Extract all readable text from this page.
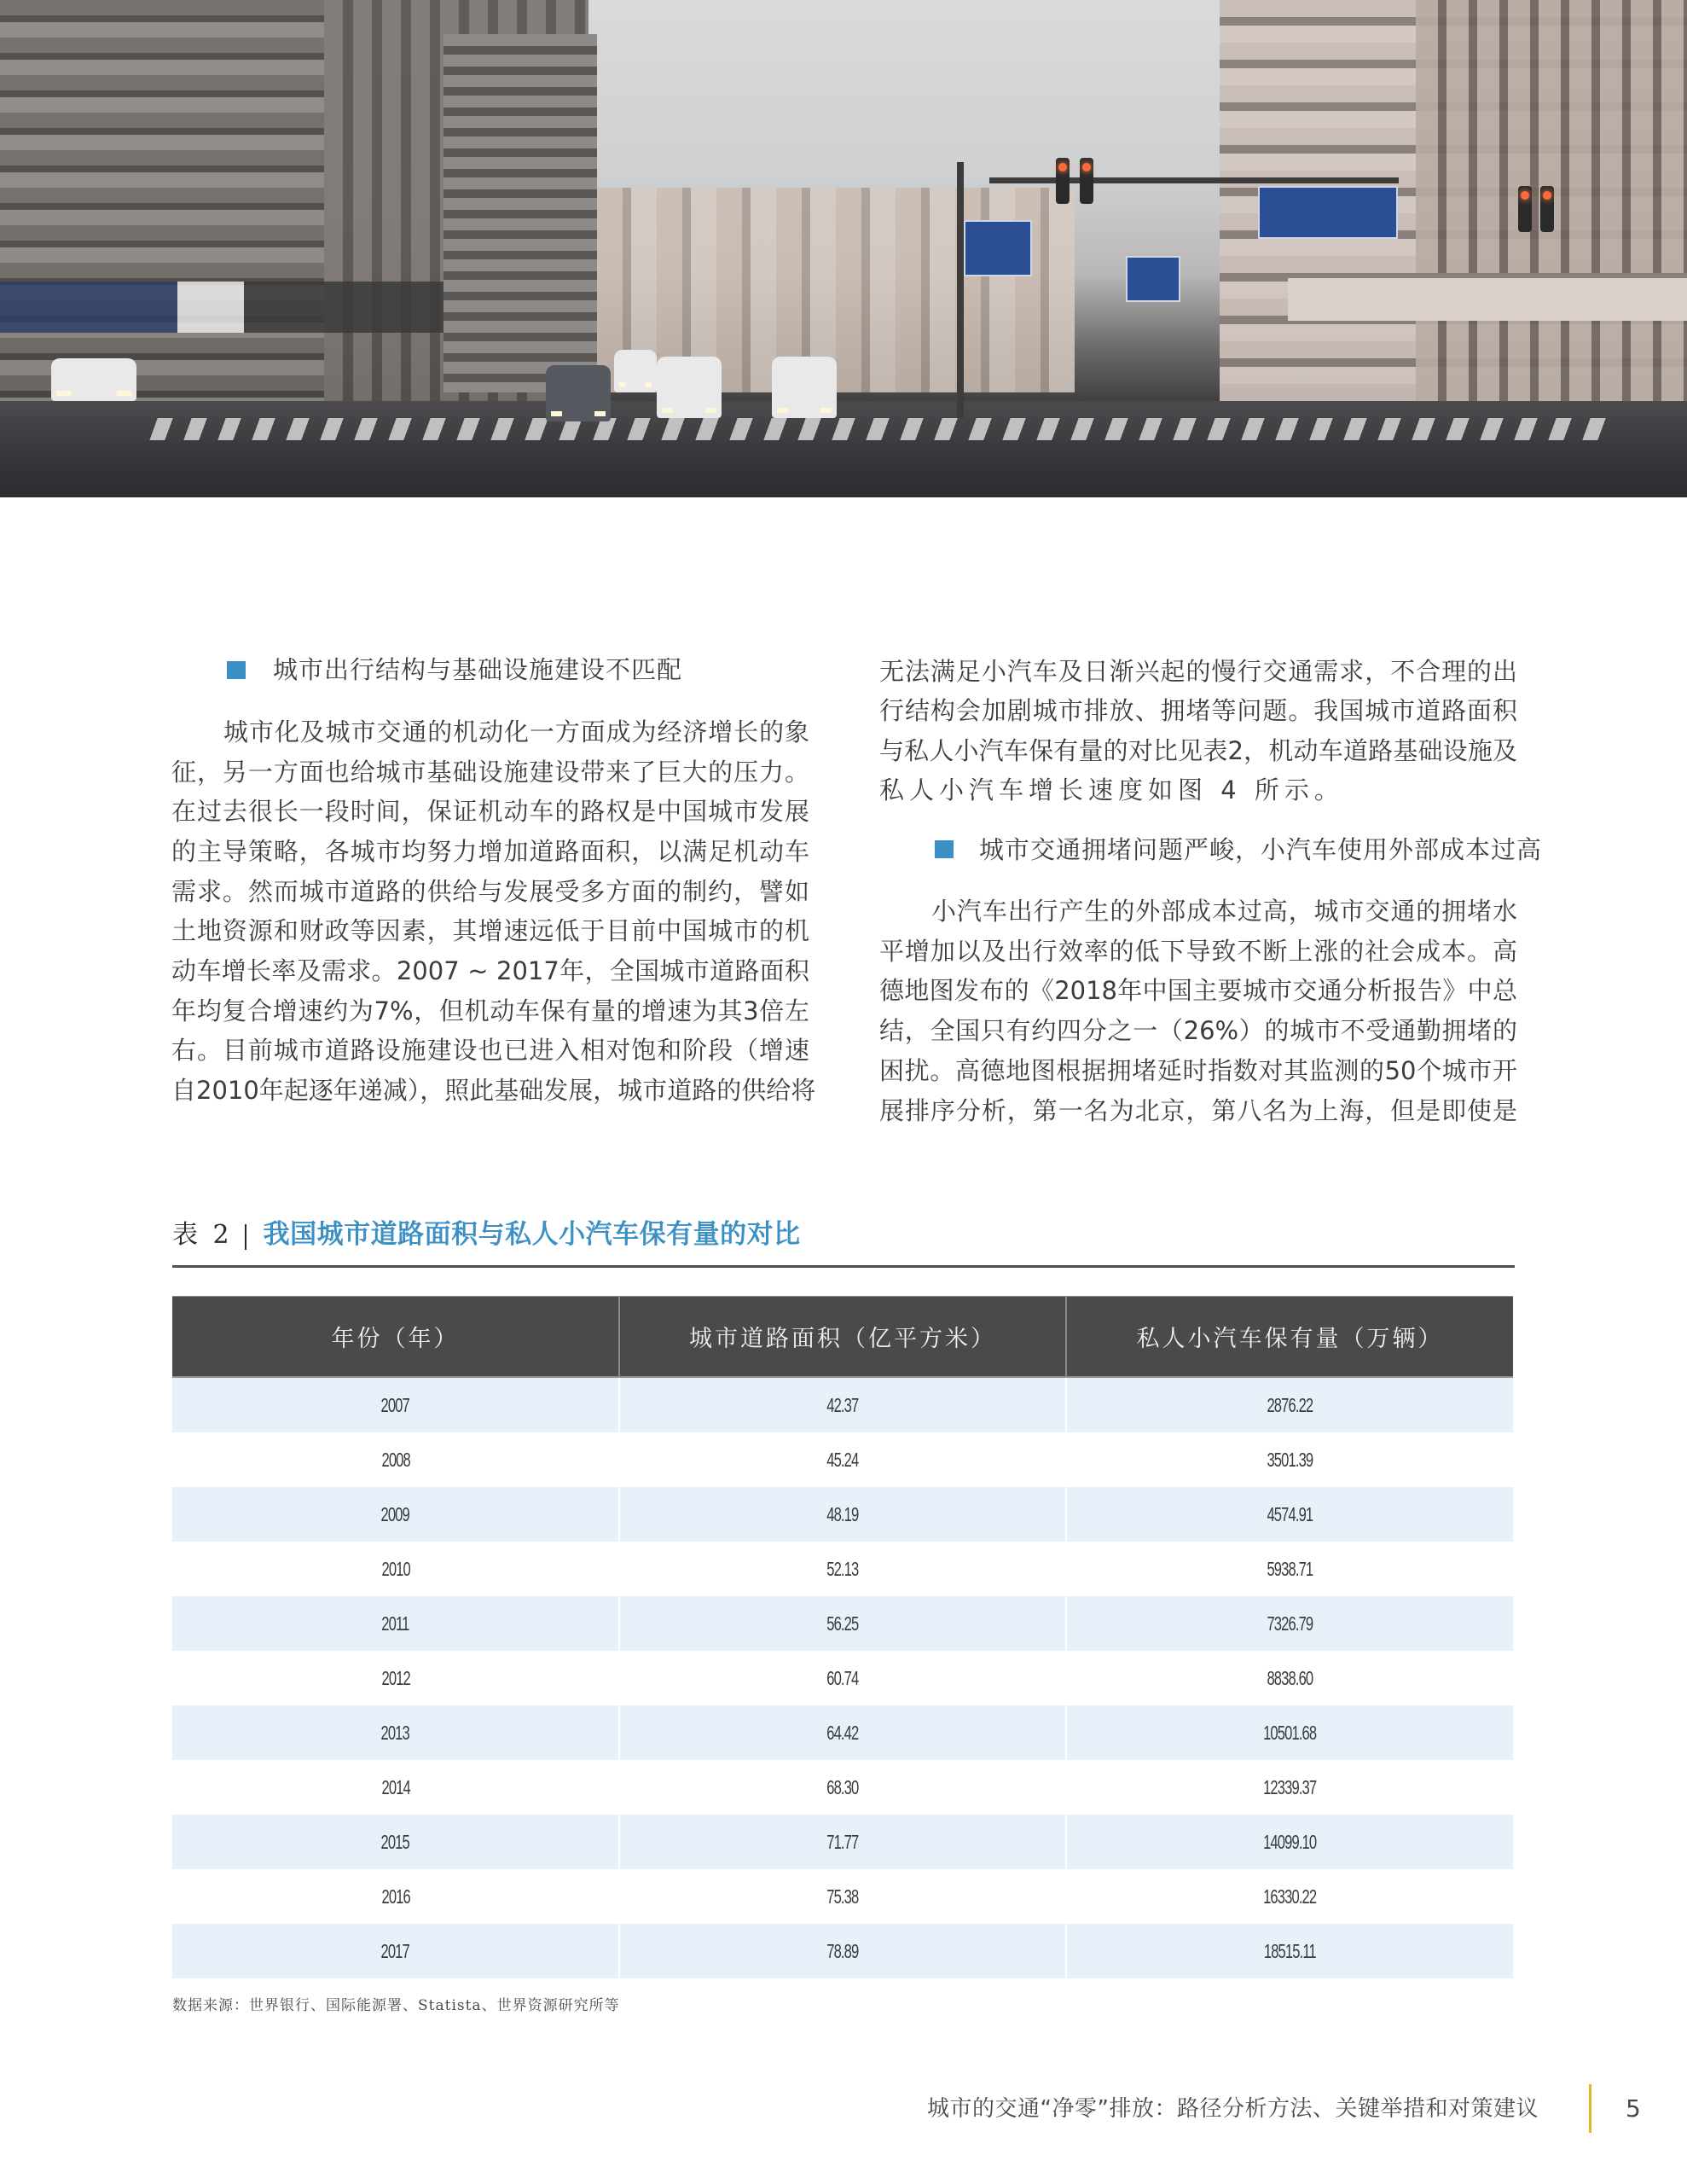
城市出行结构与基础设施建设不匹配
城市化及城市交通的机动化一方面成为经济增长的象
征，另一方面也给城市基础设施建设带来了巨大的压力。
在过去很长一段时间，保证机动车的路权是中国城市发展
的主导策略，各城市均努力增加道路面积，以满足机动车
需求。然而城市道路的供给与发展受多方面的制约，譬如
土地资源和财政等因素，其增速远低于目前中国城市的机
动车增长率及需求。2007 ~ 2017年，全国城市道路面积
年均复合增速约为7%，但机动车保有量的增速为其3倍左
右。目前城市道路设施建设也已进入相对饱和阶段（增速
自2010年起逐年递减），照此基础发展，城市道路的供给将
无法满足小汽车及日渐兴起的慢行交通需求，不合理的出
行结构会加剧城市排放、拥堵等问题。我国城市道路面积
与私人小汽车保有量的对比见表2，机动车道路基础设施及
私人小汽车增长速度如图 4 所示。
城市交通拥堵问题严峻，小汽车使用外部成本过高
小汽车出行产生的外部成本过高，城市交通的拥堵水
平增加以及出行效率的低下导致不断上涨的社会成本。高
德地图发布的《2018年中国主要城市交通分析报告》中总
结，全国只有约四分之一（26%）的城市不受通勤拥堵的
困扰。高德地图根据拥堵延时指数对其监测的50个城市开
展排序分析，第一名为北京，第八名为上海，但是即使是
表 2 我国城市道路面积与私人小汽车保有量的对比
年份（年）	城市道路面积（亿平方米）	私人小汽车保有量（万辆）
2007	42.37	2876.22
2008	45.24	3501.39
2009	48.19	4574.91
2010	52.13	5938.71
2011	56.25	7326.79
2012	60.74	8838.60
2013	64.42	10501.68
2014	68.30	12339.37
2015	71.77	14099.10
2016	75.38	16330.22
2017	78.89	18515.11
数据来源：世界银行、国际能源署、Statista、世界资源研究所等
城市的交通“净零”排放：路径分析方法、关键举措和对策建议	5
